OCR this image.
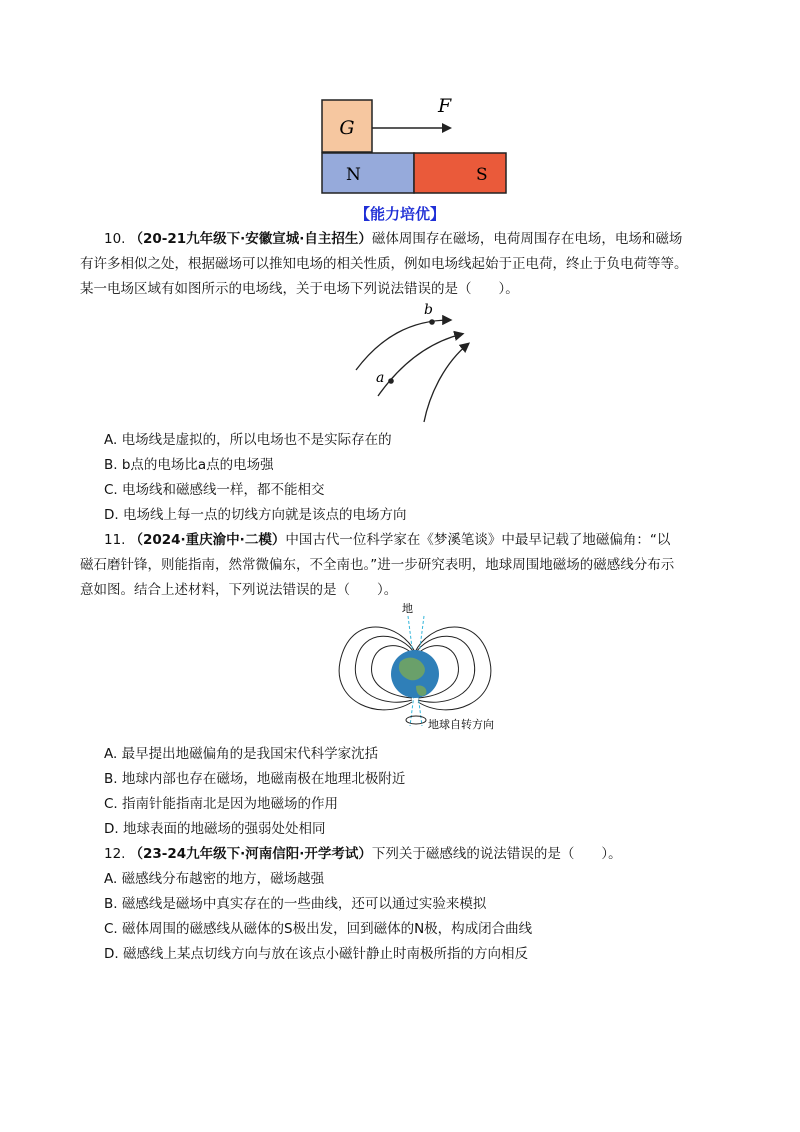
G
F
N	S
【能力培优】
10. （20-21九年级下·安徽宣城·自主招生）磁体周围存在磁场，电荷周围存在电场，电场和磁场
有许多相似之处，根据磁场可以推知电场的相关性质，例如电场线起始于正电荷，终止于负电荷等等。
某一电场区域有如图所示的电场线，关于电场下列说法错误的是（　　）。
b
a
A. 电场线是虚拟的，所以电场也不是实际存在的
B. b点的电场比a点的电场强
C. 电场线和磁感线一样，都不能相交
D. 电场线上每一点的切线方向就是该点的电场方向
11. （2024·重庆渝中·二模）中国古代一位科学家在《梦溪笔谈》中最早记载了地磁偏角：“以
磁石磨针锋，则能指南，然常微偏东，不全南也。”进一步研究表明，地球周围地磁场的磁感线分布示
意如图。结合上述材料，下列说法错误的是（　　）。
地
地球自转方向
A. 最早提出地磁偏角的是我国宋代科学家沈括
B. 地球内部也存在磁场，地磁南极在地理北极附近
C. 指南针能指南北是因为地磁场的作用
D. 地球表面的地磁场的强弱处处相同
12. （23-24九年级下·河南信阳·开学考试）下列关于磁感线的说法错误的是（　　）。
A. 磁感线分布越密的地方，磁场越强
B. 磁感线是磁场中真实存在的一些曲线，还可以通过实验来模拟
C. 磁体周围的磁感线从磁体的S极出发，回到磁体的N极，构成闭合曲线
D. 磁感线上某点切线方向与放在该点小磁针静止时南极所指的方向相反
